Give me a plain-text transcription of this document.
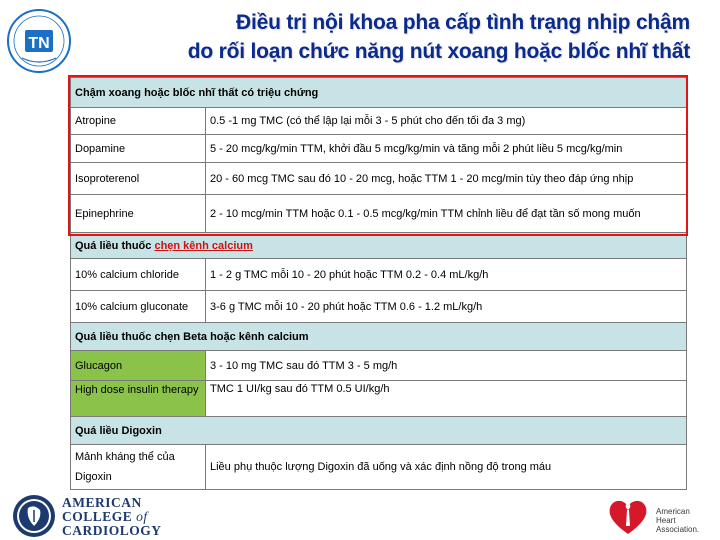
TN
Điều trị nội khoa pha cấp tình trạng nhịp chậm
do rối loạn chức năng nút xoang hoặc blốc nhĩ thất
Chậm xoang hoặc blốc nhĩ thất có triệu chứng	
Atropine	0.5 -1 mg TMC (có thể lập lại mỗi 3 - 5 phút cho đến tối đa 3 mg)
Dopamine	5 - 20 mcg/kg/min TTM, khởi đầu 5 mcg/kg/min và tăng mỗi 2 phút liều 5 mcg/kg/min
Isoproterenol	20 - 60 mcg TMC sau đó 10 - 20 mcg, hoặc TTM 1 - 20 mcg/min tùy theo đáp ứng nhịp
Epinephrine	2 - 10 mcg/min TTM hoặc 0.1 - 0.5 mcg/kg/min TTM chỉnh liều để đạt tần số mong muốn
Quá liều thuốc chẹn kênh calcium	
10% calcium chloride	1 - 2 g TMC mỗi 10 - 20 phút hoặc TTM 0.2 - 0.4 mL/kg/h
10% calcium gluconate	3-6 g TMC mỗi 10 - 20 phút hoặc TTM 0.6 - 1.2 mL/kg/h
Quá liều thuốc chẹn Beta hoặc kênh calcium	
Glucagon	3 - 10 mg TMC sau đó TTM 3 - 5 mg/h
High dose insulin therapy	TMC 1 UI/kg sau đó TTM 0.5 UI/kg/h
Quá liều Digoxin	

Mảnh kháng thể của
Digoxin	Liều phụ thuộc lượng Digoxin đã uống và xác định nồng độ trong máu
AMERICAN
COLLEGE of
CARDIOLOGY
American
Heart
Association.
